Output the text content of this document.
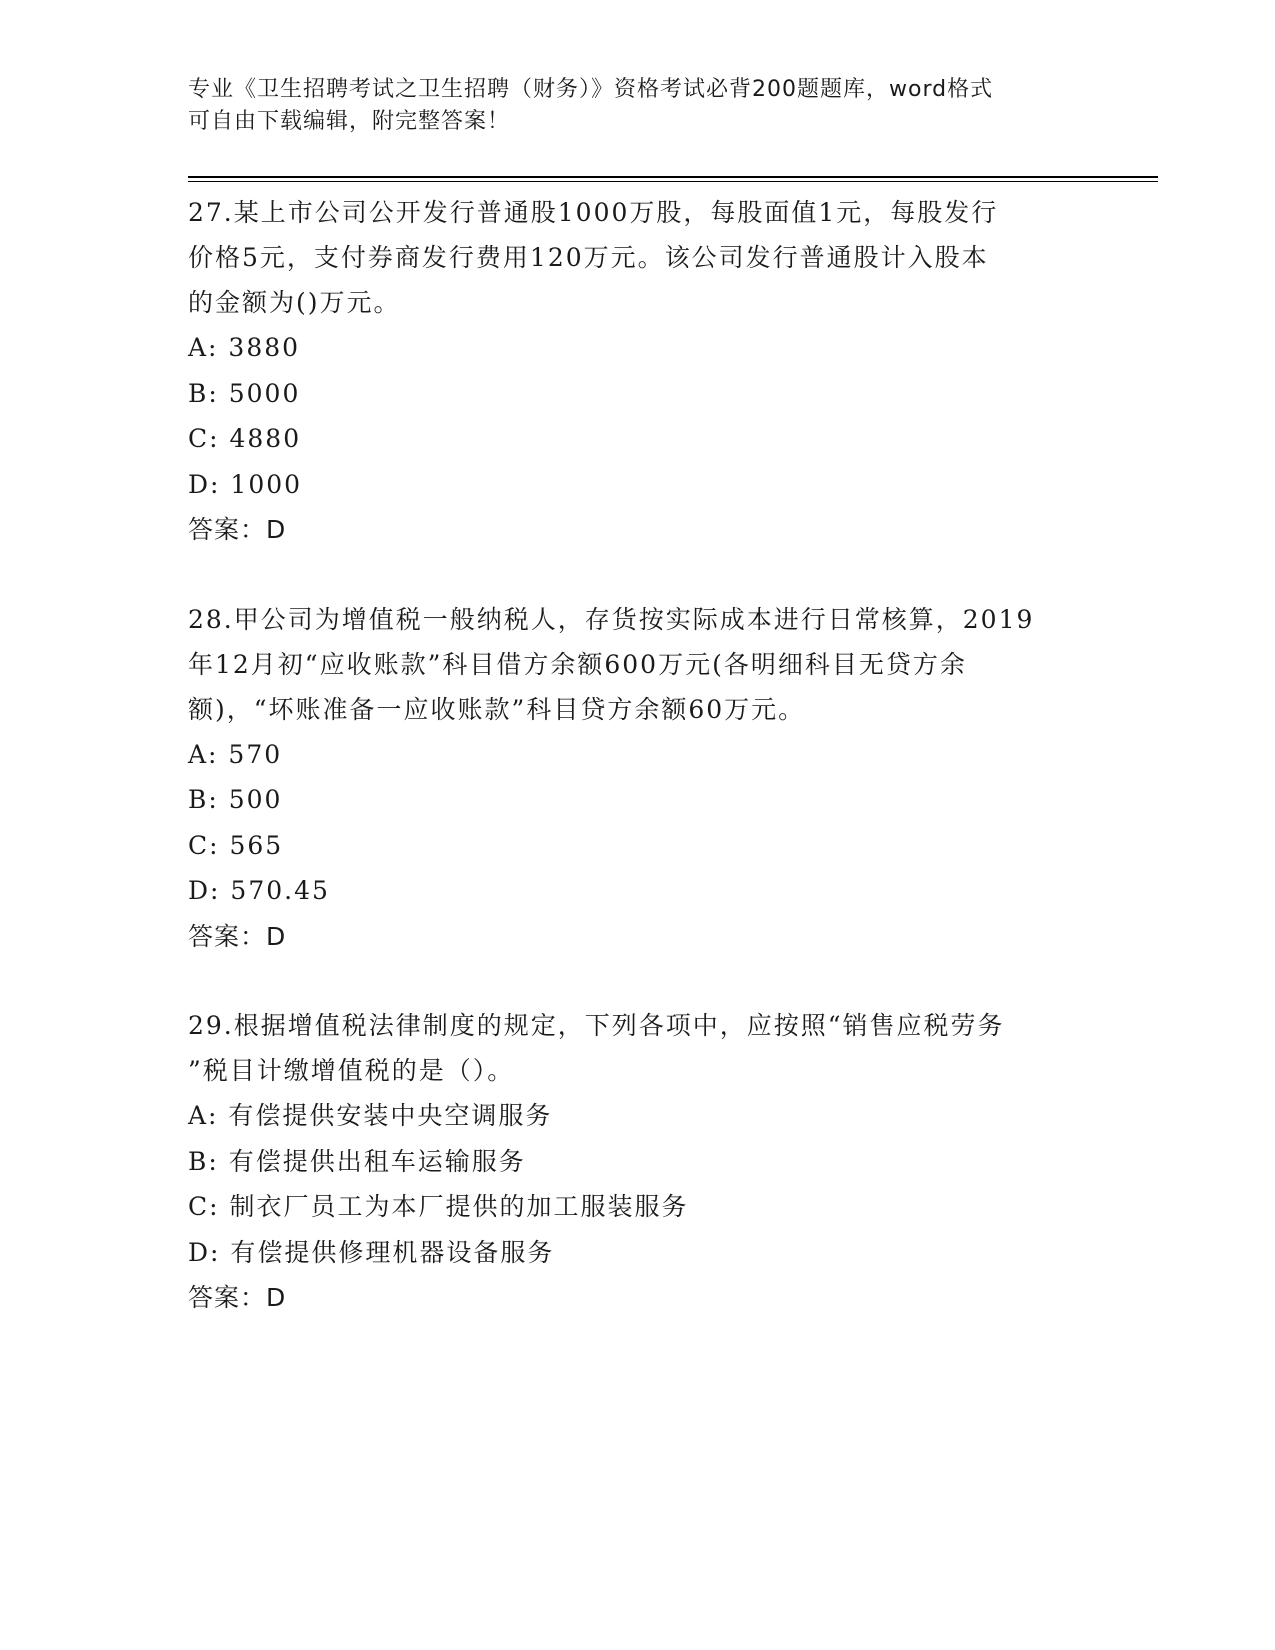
专业《卫生招聘考试之卫生招聘（财务）》资格考试必背200题题库，word格式
可自由下载编辑，附完整答案！

27.某上市公司公开发行普通股1000万股，每股面值1元，每股发行

价格5元，支付券商发行费用120万元。该公司发行普通股计入股本

的金额为()万元。

A: 3880

B: 5000

C: 4880

D: 1000

答案：D

28.甲公司为增值税一般纳税人，存货按实际成本进行日常核算，2019

年12月初“应收账款”科目借方余额600万元(各明细科目无贷方余

额)，“坏账准备一应收账款”科目贷方余额60万元。

A: 570

B: 500

C: 565

D: 570.45

答案：D

29.根据增值税法律制度的规定，下列各项中，应按照“销售应税劳务

”税目计缴增值税的是（）。

A: 有偿提供安装中央空调服务

B: 有偿提供出租车运输服务

C: 制衣厂员工为本厂提供的加工服装服务

D: 有偿提供修理机器设备服务

答案：D
